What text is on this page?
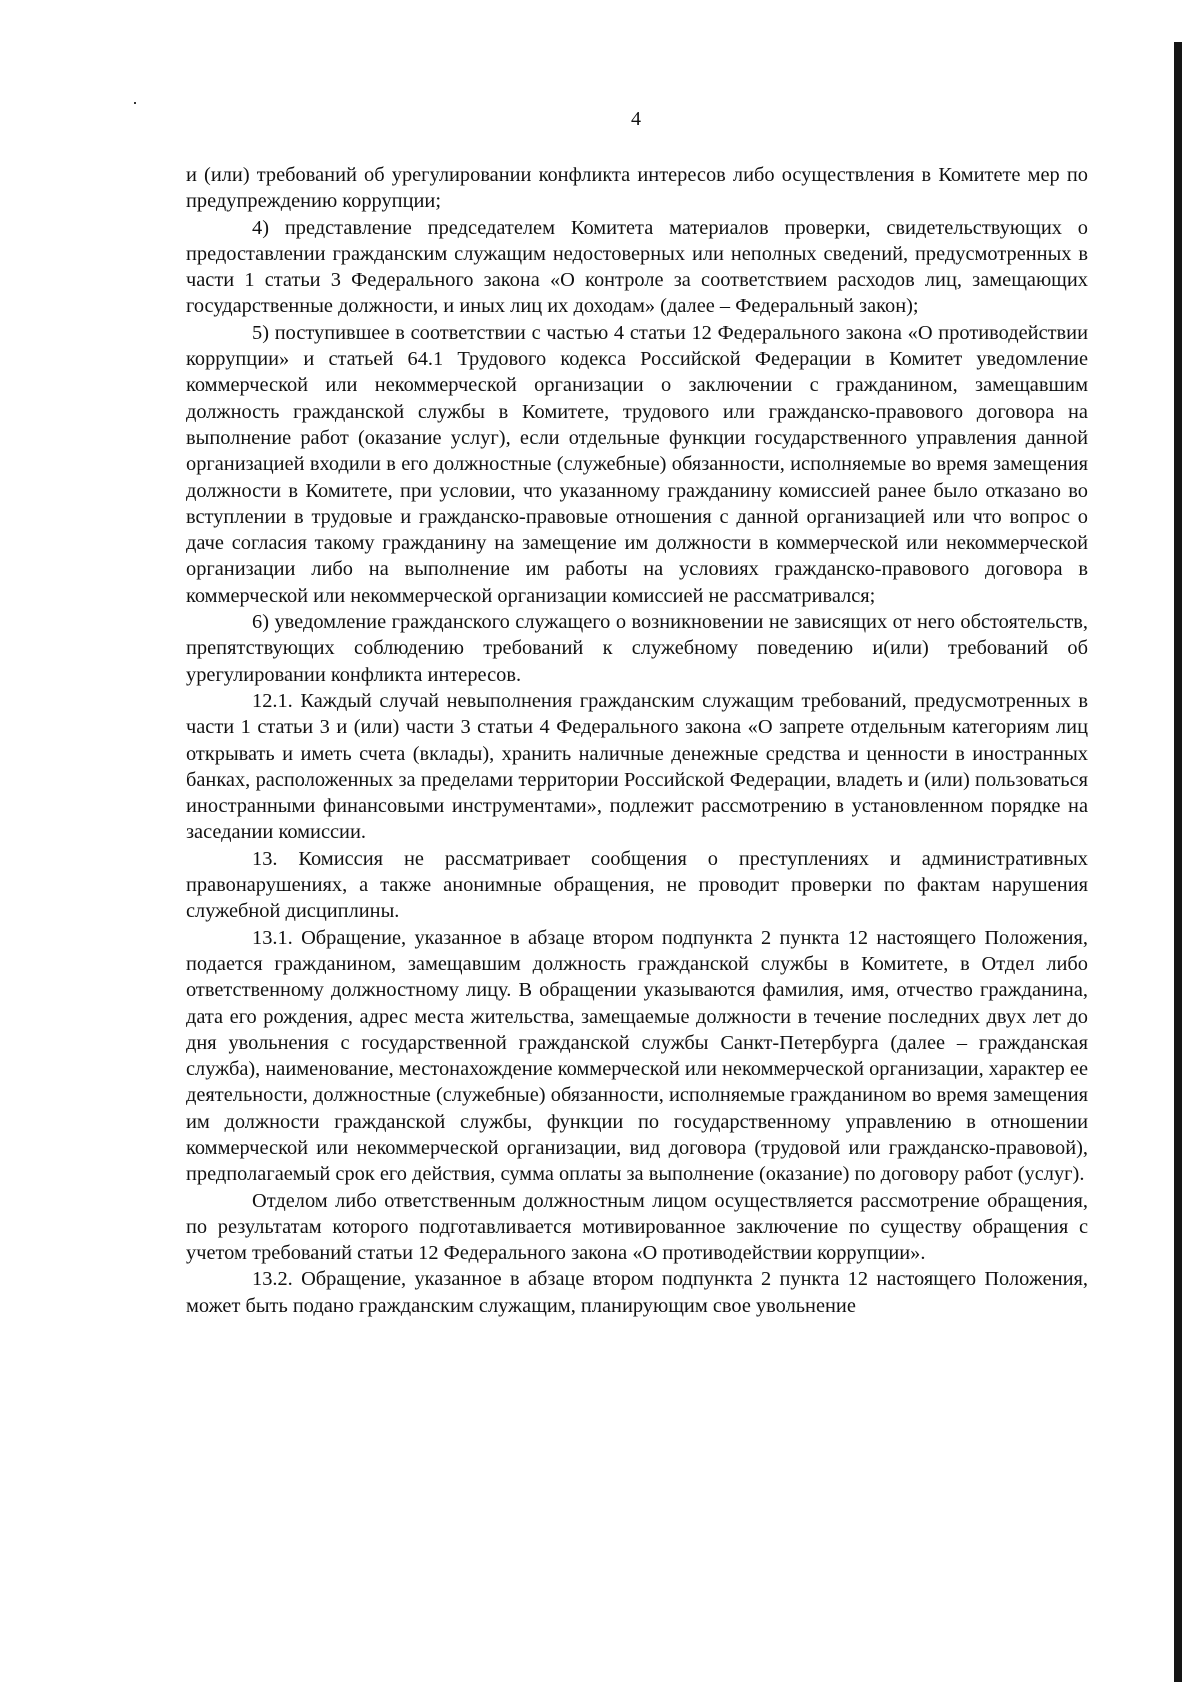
4

и (или) требований об урегулировании конфликта интересов либо осуществления в Комитете мер по предупреждению коррупции;

4) представление председателем Комитета материалов проверки, свидетельствующих о предоставлении гражданским служащим недостоверных или неполных сведений, предусмотренных в части 1 статьи 3 Федерального закона «О контроле за соответствием расходов лиц, замещающих государственные должности, и иных лиц их доходам» (далее – Федеральный закон);

5) поступившее в соответствии с частью 4 статьи 12 Федерального закона «О противодействии коррупции» и статьей 64.1 Трудового кодекса Российской Федерации в Комитет уведомление коммерческой или некоммерческой организации о заключении с гражданином, замещавшим должность гражданской службы в Комитете, трудового или гражданско-правового договора на выполнение работ (оказание услуг), если отдельные функции государственного управления данной организацией входили в его должностные (служебные) обязанности, исполняемые во время замещения должности в Комитете, при условии, что указанному гражданину комиссией ранее было отказано во вступлении в трудовые и гражданско-правовые отношения с данной организацией или что вопрос о даче согласия такому гражданину на замещение им должности в коммерческой или некоммерческой организации либо на выполнение им работы на условиях гражданско-правового договора в коммерческой или некоммерческой организации комиссией не рассматривался;

6) уведомление гражданского служащего о возникновении не зависящих от него обстоятельств, препятствующих соблюдению требований к служебному поведению и(или) требований об урегулировании конфликта интересов.

12.1. Каждый случай невыполнения гражданским служащим требований, предусмотренных в части 1 статьи 3 и (или) части 3 статьи 4 Федерального закона «О запрете отдельным категориям лиц открывать и иметь счета (вклады), хранить наличные денежные средства и ценности в иностранных банках, расположенных за пределами территории Российской Федерации, владеть и (или) пользоваться иностранными финансовыми инструментами», подлежит рассмотрению в установленном порядке на заседании комиссии.

13. Комиссия не рассматривает сообщения о преступлениях и административных правонарушениях, а также анонимные обращения, не проводит проверки по фактам нарушения служебной дисциплины.

13.1. Обращение, указанное в абзаце втором подпункта 2 пункта 12 настоящего Положения, подается гражданином, замещавшим должность гражданской службы в Комитете, в Отдел либо ответственному должностному лицу. В обращении указываются фамилия, имя, отчество гражданина, дата его рождения, адрес места жительства, замещаемые должности в течение последних двух лет до дня увольнения с государственной гражданской службы Санкт-Петербурга (далее – гражданская служба), наименование, местонахождение коммерческой или некоммерческой организации, характер ее деятельности, должностные (служебные) обязанности, исполняемые гражданином во время замещения им должности гражданской службы, функции по государственному управлению в отношении коммерческой или некоммерческой организации, вид договора (трудовой или гражданско-правовой), предполагаемый срок его действия, сумма оплаты за выполнение (оказание) по договору работ (услуг).

Отделом либо ответственным должностным лицом осуществляется рассмотрение обращения, по результатам которого подготавливается мотивированное заключение по существу обращения с учетом требований статьи 12 Федерального закона «О противодействии коррупции».

13.2. Обращение, указанное в абзаце втором подпункта 2 пункта 12 настоящего Положения, может быть подано гражданским служащим, планирующим свое увольнение
